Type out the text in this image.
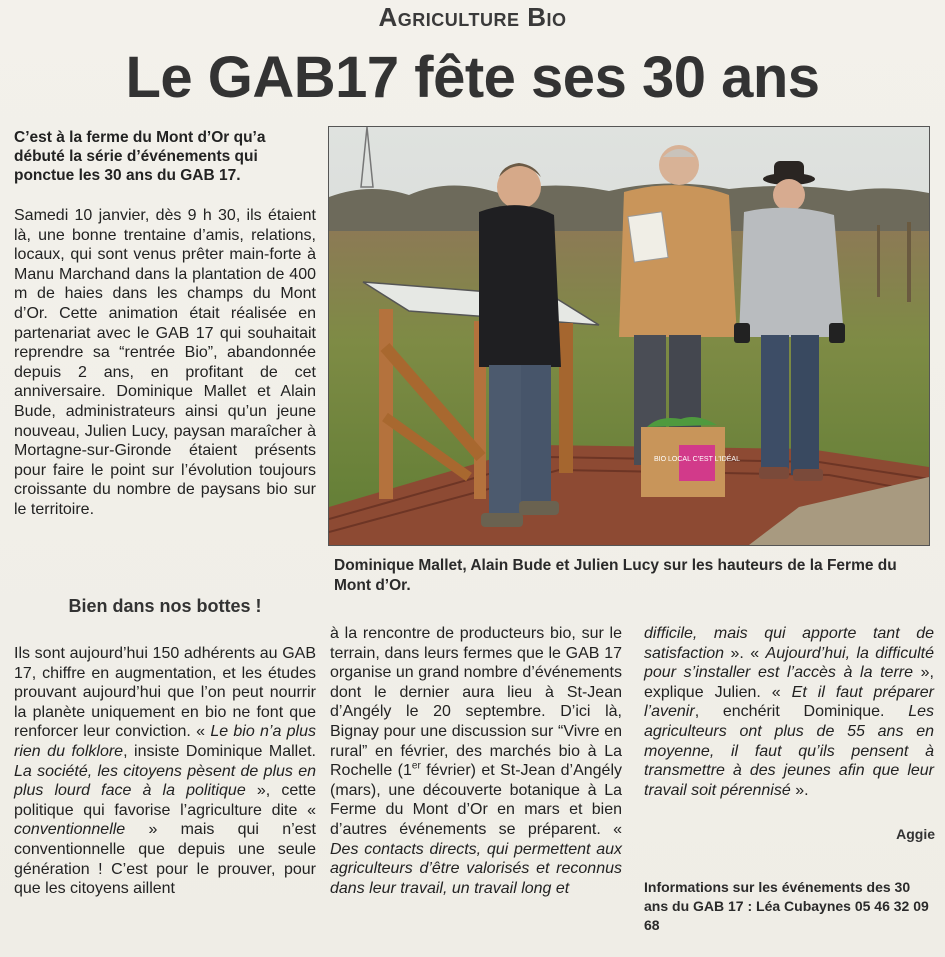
Agriculture Bio
Le GAB17 fête ses 30 ans
C’est à la ferme du Mont d’Or qu’a débuté la série d’événements qui ponctue les 30 ans du GAB 17.

Samedi 10 janvier, dès 9 h 30, ils étaient là, une bonne trentaine d’amis, relations, locaux, qui sont venus prêter main-forte à Manu Marchand dans la plantation de 400 m de haies dans les champs du Mont d’Or. Cette animation était réalisée en partenariat avec le GAB 17 qui souhaitait reprendre sa “rentrée Bio”, abandonnée depuis 2 ans, en profitant de cet anniversaire. Dominique Mallet et Alain Bude, administrateurs ainsi qu’un jeune nouveau, Julien Lucy, paysan maraîcher à Mortagne-sur-Gironde étaient présents pour faire le point sur l’évolution toujours croissante du nombre de paysans bio sur le territoire.

Bien dans nos bottes !

Ils sont aujourd’hui 150 adhérents au GAB 17, chiffre en augmentation, et les études prouvant aujourd’hui que l’on peut nourrir la planète uniquement en bio ne font que renforcer leur conviction. « Le bio n’a plus rien du folklore, insiste Dominique Mallet. La société, les citoyens pèsent de plus en plus lourd face à la politique », cette politique qui favorise l’agriculture dite « conventionnelle » mais qui n’est conventionnelle que depuis une seule génération ! C’est pour le prouver, pour que les citoyens aillent

BIO LOCAL C’EST L’IDÉAL
Dominique Mallet, Alain Bude et Julien Lucy sur les hauteurs de la Ferme du Mont d’Or.

à la rencontre de producteurs bio, sur le terrain, dans leurs fermes que le GAB 17 organise un grand nombre d’événements dont le dernier aura lieu à St-Jean d’Angély le 20 septembre. D’ici là, Bignay pour une discussion sur “Vivre en rural” en février, des marchés bio à La Rochelle (1er février) et St-Jean d’Angély (mars), une découverte botanique à La Ferme du Mont d’Or en mars et bien d’autres événements se préparent. « Des contacts directs, qui permettent aux agriculteurs d’être valorisés et reconnus dans leur travail, un travail long et

difficile, mais qui apporte tant de satisfaction ». « Aujourd’hui, la difficulté pour s’installer est l’accès à la terre », explique Julien. « Et il faut préparer l’avenir, enchérit Dominique. Les agriculteurs ont plus de 55 ans en moyenne, il faut qu’ils pensent à transmettre à des jeunes afin que leur travail soit pérennisé ».

Aggie
Informations sur les événements des 30 ans du GAB 17 : Léa Cubaynes 05 46 32 09 68
